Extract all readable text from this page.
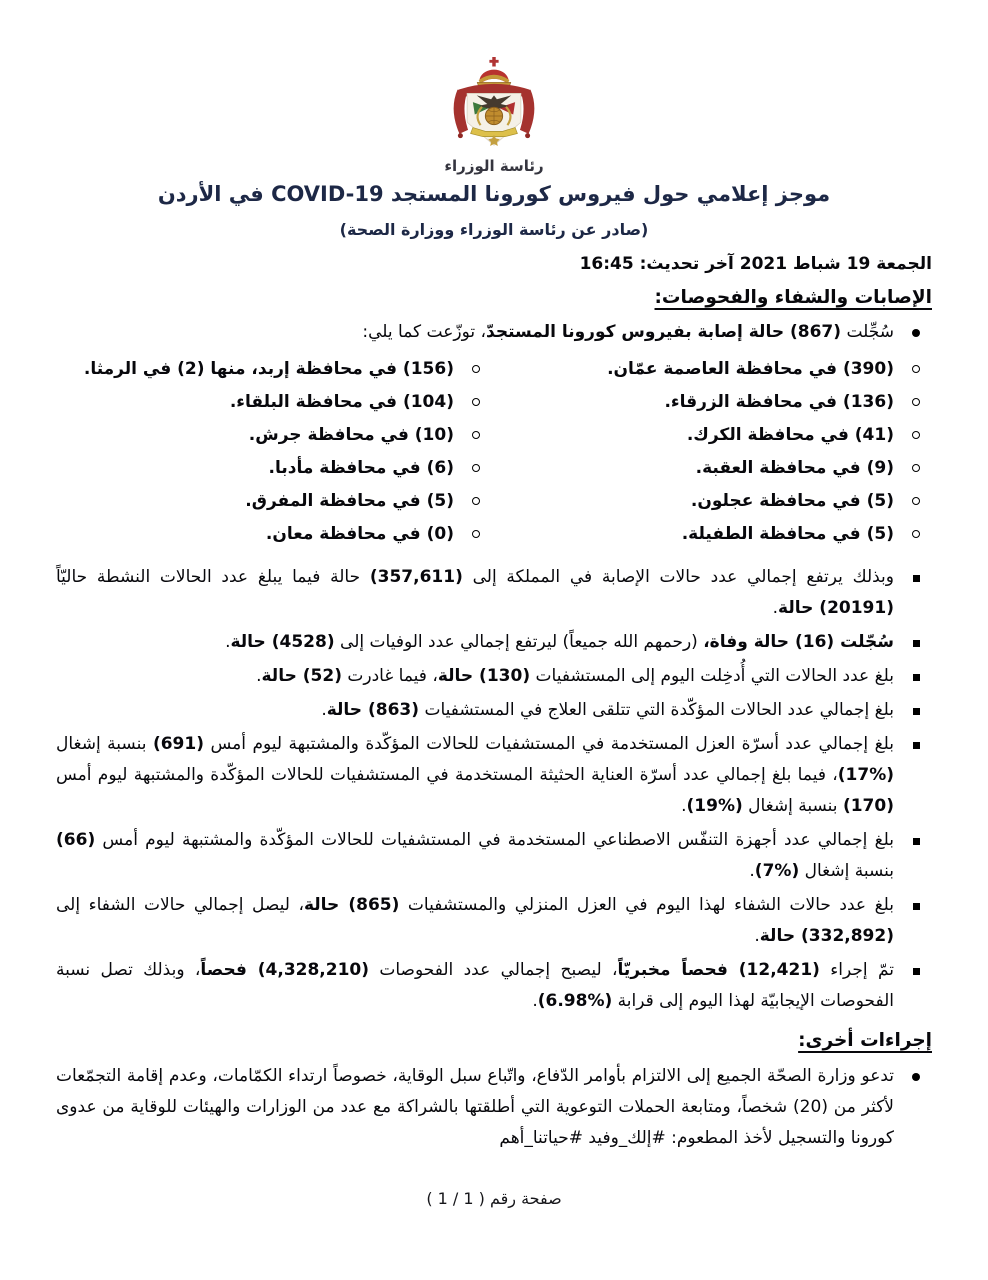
رئاسة الوزراء
موجز إعلامي حول فيروس كورونا المستجد COVID-19 في الأردن
(صادر عن رئاسة الوزراء ووزارة الصحة)
الجمعة 19 شباط 2021 آخر تحديث: 16:45
الإصابات والشفاء والفحوصات:
سُجِّلت (867) حالة إصابة بفيروس كورونا المستجدّ، توزّعت كما يلي:
(390) في محافظة العاصمة عمّان.
(136) في محافظة الزرقاء.
(41) في محافظة الكرك.
(9) في محافظة العقبة.
(5) في محافظة عجلون.
(5) في محافظة الطفيلة.
(156) في محافظة إربد، منها (2) في الرمثا.
(104) في محافظة البلقاء.
(10) في محافظة جرش.
(6) في محافظة مأدبا.
(5) في محافظة المفرق.
(0) في محافظة معان.
وبذلك يرتفع إجمالي عدد حالات الإصابة في المملكة إلى (357,611) حالة فيما يبلغ عدد الحالات النشطة حاليّاً (20191) حالة.
سُجّلت (16) حالة وفاة، (رحمهم الله جميعاً) ليرتفع إجمالي عدد الوفيات إلى (4528) حالة.
بلغ عدد الحالات التي أُدخِلت اليوم إلى المستشفيات (130) حالة، فيما غادرت (52) حالة.
بلغ إجمالي عدد الحالات المؤكّدة التي تتلقى العلاج في المستشفيات (863) حالة.
بلغ إجمالي عدد أسرّة العزل المستخدمة في المستشفيات للحالات المؤكّدة والمشتبهة ليوم أمس (691) بنسبة إشغال (%17)، فيما بلغ إجمالي عدد أسرّة العناية الحثيثة المستخدمة في المستشفيات للحالات المؤكّدة والمشتبهة ليوم أمس (170) بنسبة إشغال (%19).
بلغ إجمالي عدد أجهزة التنفّس الاصطناعي المستخدمة في المستشفيات للحالات المؤكّدة والمشتبهة ليوم أمس (66) بنسبة إشغال (%7).
بلغ عدد حالات الشفاء لهذا اليوم في العزل المنزلي والمستشفيات (865) حالة، ليصل إجمالي حالات الشفاء إلى (332,892) حالة.
تمّ إجراء (12,421) فحصاً مخبريّاً، ليصبح إجمالي عدد الفحوصات (4,328,210) فحصاً، وبذلك تصل نسبة الفحوصات الإيجابيّة لهذا اليوم إلى قرابة (%6.98).
إجراءات أخرى:
تدعو وزارة الصحّة الجميع إلى الالتزام بأوامر الدّفاع، واتّباع سبل الوقاية، خصوصاً ارتداء الكمّامات، وعدم إقامة التجمّعات لأكثر من (20) شخصاً، ومتابعة الحملات التوعوية التي أطلقتها بالشراكة مع عدد من الوزارات والهيئات للوقاية من عدوى كورونا والتسجيل لأخذ المطعوم: #إلك_وفيد #حياتنا_أهم
صفحة رقم ( 1 / 1 )
